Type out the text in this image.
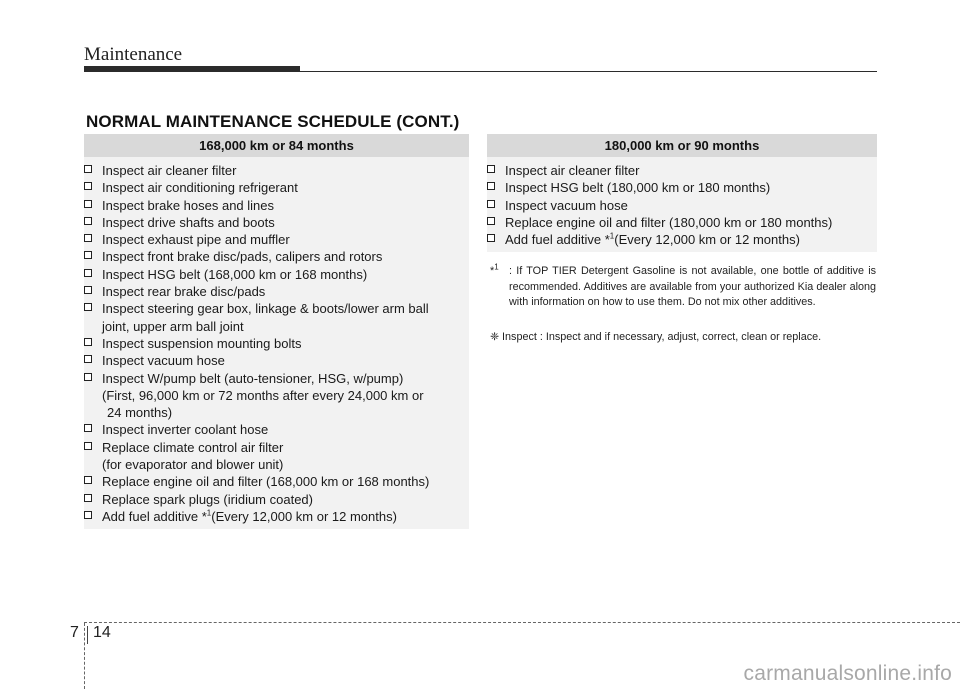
Maintenance
NORMAL MAINTENANCE SCHEDULE (CONT.)
168,000 km or 84 months
Inspect air cleaner filter
Inspect air conditioning refrigerant
Inspect brake hoses and lines
Inspect drive shafts and boots
Inspect exhaust pipe and muffler
Inspect front brake disc/pads, calipers and rotors
Inspect HSG belt (168,000 km or 168 months)
Inspect rear brake disc/pads
Inspect steering gear box, linkage & boots/lower arm ball
joint, upper arm ball joint
Inspect suspension mounting bolts
Inspect vacuum hose
Inspect W/pump belt (auto-tensioner, HSG, w/pump)
(First, 96,000 km or 72 months after every 24,000 km or
24 months)
Inspect inverter coolant hose
Replace climate control air filter
(for evaporator and blower unit)
Replace engine oil and filter (168,000 km or 168 months)
Replace spark plugs (iridium coated)
Add fuel additive *$^1$(Every 12,000 km or 12 months)
180,000 km or 90 months
Inspect air cleaner filter
Inspect HSG belt (180,000 km or 180 months)
Inspect vacuum hose
Replace engine oil and filter (180,000 km or 180 months)
Add fuel additive *$^1$(Every 12,000 km or 12 months)
*$^1$ : If TOP TIER Detergent Gasoline is not available, one bottle of additive is recommended. Additives are available from your authorized Kia dealer along with information on how to use them. Do not mix other additives.
❈ Inspect : Inspect and if necessary, adjust, correct, clean or replace.
7 14
carmanualsonline.info
